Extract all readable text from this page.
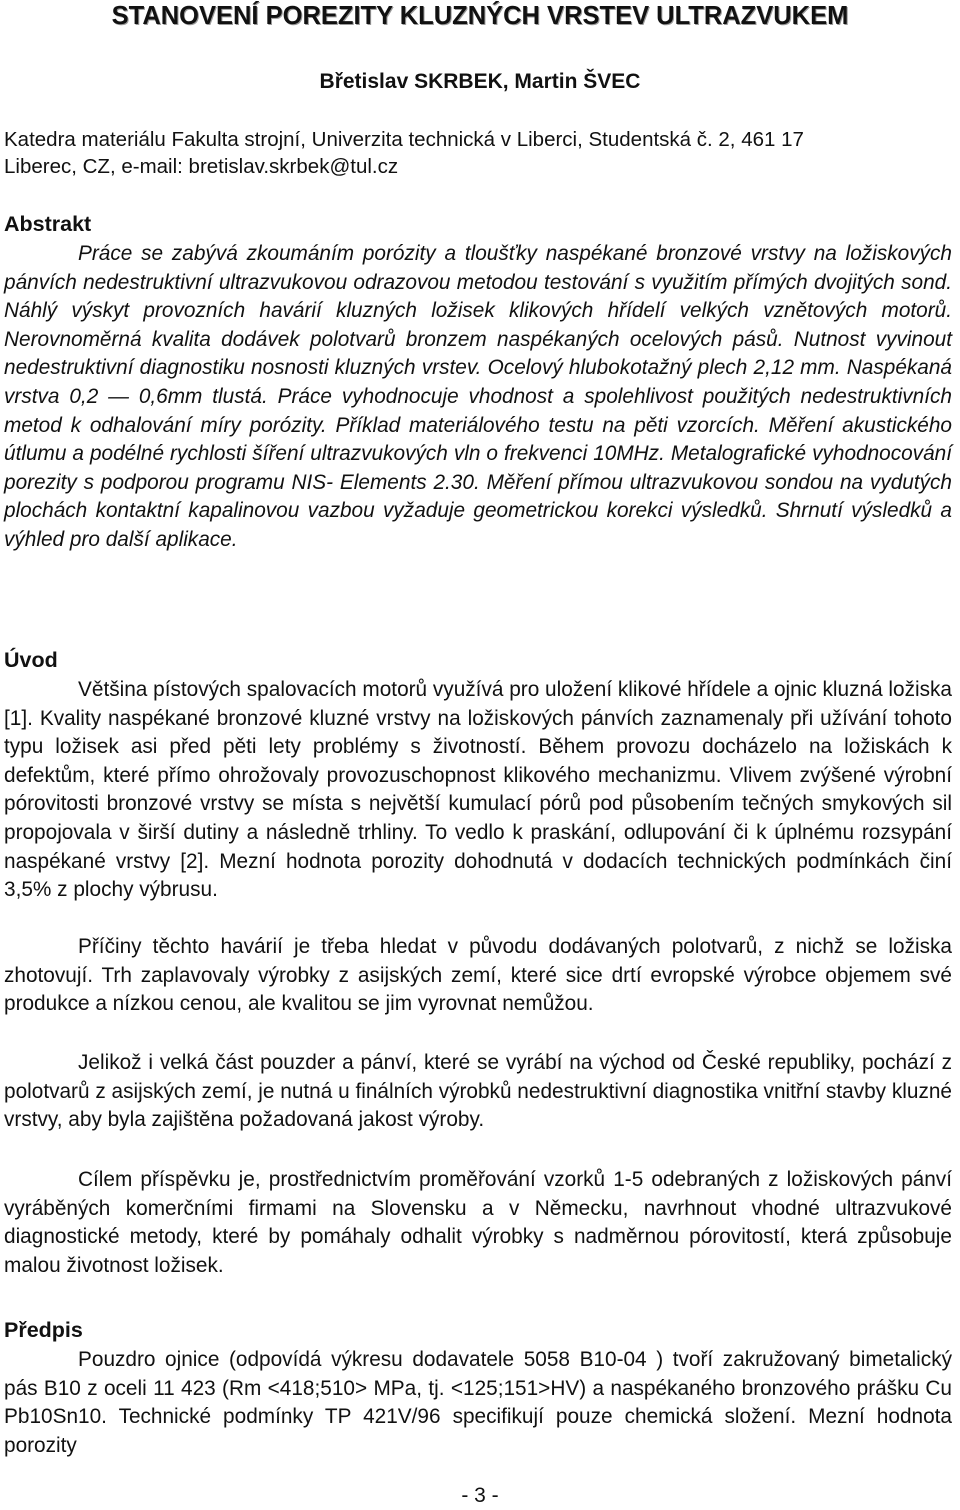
STANOVENÍ POREZITY KLUZNÝCH VRSTEV ULTRAZVUKEM
Břetislav SKRBEK, Martin ŠVEC
Katedra materiálu Fakulta strojní, Univerzita technická v Liberci, Studentská č. 2, 461 17
Liberec, CZ, e-mail: bretislav.skrbek@tul.cz
Abstrakt

Práce se zabývá zkoumáním porózity a tloušťky naspékané bronzové vrstvy na ložiskových pánvích nedestruktivní ultrazvukovou odrazovou metodou testování s využitím přímých dvojitých sond. Náhlý výskyt provozních havárií kluzných ložisek klikových hřídelí velkých vznětových motorů. Nerovnoměrná kvalita dodávek polotvarů bronzem naspékaných ocelových pásů. Nutnost vyvinout nedestruktivní diagnostiku nosnosti kluzných vrstev. Ocelový hlubokotažný plech 2,12 mm. Naspékaná vrstva 0,2 — 0,6mm tlustá. Práce vyhodnocuje vhodnost a spolehlivost použitých nedestruktivních metod k odhalování míry porózity. Příklad materiálového testu na pěti vzorcích. Měření akustického útlumu a podélné rychlosti šíření ultrazvukových vln o frekvenci 10MHz. Metalografické vyhodnocování porezity s podporou programu NIS- Elements 2.30. Měření přímou ultrazvukovou sondou na vydutých plochách kontaktní kapalinovou vazbou vyžaduje geometrickou korekci výsledků. Shrnutí výsledků a výhled pro další aplikace.

Úvod

Většina pístových spalovacích motorů využívá pro uložení klikové hřídele a ojnic kluzná ložiska [1]. Kvality naspékané bronzové kluzné vrstvy na ložiskových pánvích zaznamenaly při užívání tohoto typu ložisek asi před pěti lety problémy s životností. Během provozu docházelo na ložiskách k defektům, které přímo ohrožovaly provozuschopnost klikového mechanizmu. Vlivem zvýšené výrobní pórovitosti bronzové vrstvy se místa s největší kumulací pórů pod působením tečných smykových sil propojovala v širší dutiny a následně trhliny. To vedlo k praskání, odlupování či k úplnému rozsypání naspékané vrstvy [2]. Mezní hodnota porozity dohodnutá v dodacích technických podmínkách činí 3,5% z plochy výbrusu.

Příčiny těchto havárií je třeba hledat v původu dodávaných polotvarů, z nichž se ložiska zhotovují. Trh zaplavovaly výrobky z asijských zemí, které sice drtí evropské výrobce objemem své produkce a nízkou cenou, ale kvalitou se jim vyrovnat nemůžou.

Jelikož i velká část pouzder a pánví, které se vyrábí na východ od České republiky, pochází z polotvarů z asijských zemí, je nutná u finálních výrobků nedestruktivní diagnostika vnitřní stavby kluzné vrstvy, aby byla zajištěna požadovaná jakost výroby.

Cílem příspěvku je, prostřednictvím proměřování vzorků 1-5 odebraných z ložiskových pánví vyráběných komerčními firmami na Slovensku a v Německu, navrhnout vhodné ultrazvukové diagnostické metody, které by pomáhaly odhalit výrobky s nadměrnou pórovitostí, která způsobuje malou životnost ložisek.

Předpis

Pouzdro ojnice (odpovídá výkresu dodavatele 5058 B10-04 ) tvoří zakružovaný bimetalický pás B10 z oceli 11 423 (Rm <418;510> MPa, tj. <125;151>HV) a naspékaného bronzového prášku Cu Pb10Sn10. Technické podmínky TP 421V/96 specifikují pouze chemická složení. Mezní hodnota porozity

- 3 -
